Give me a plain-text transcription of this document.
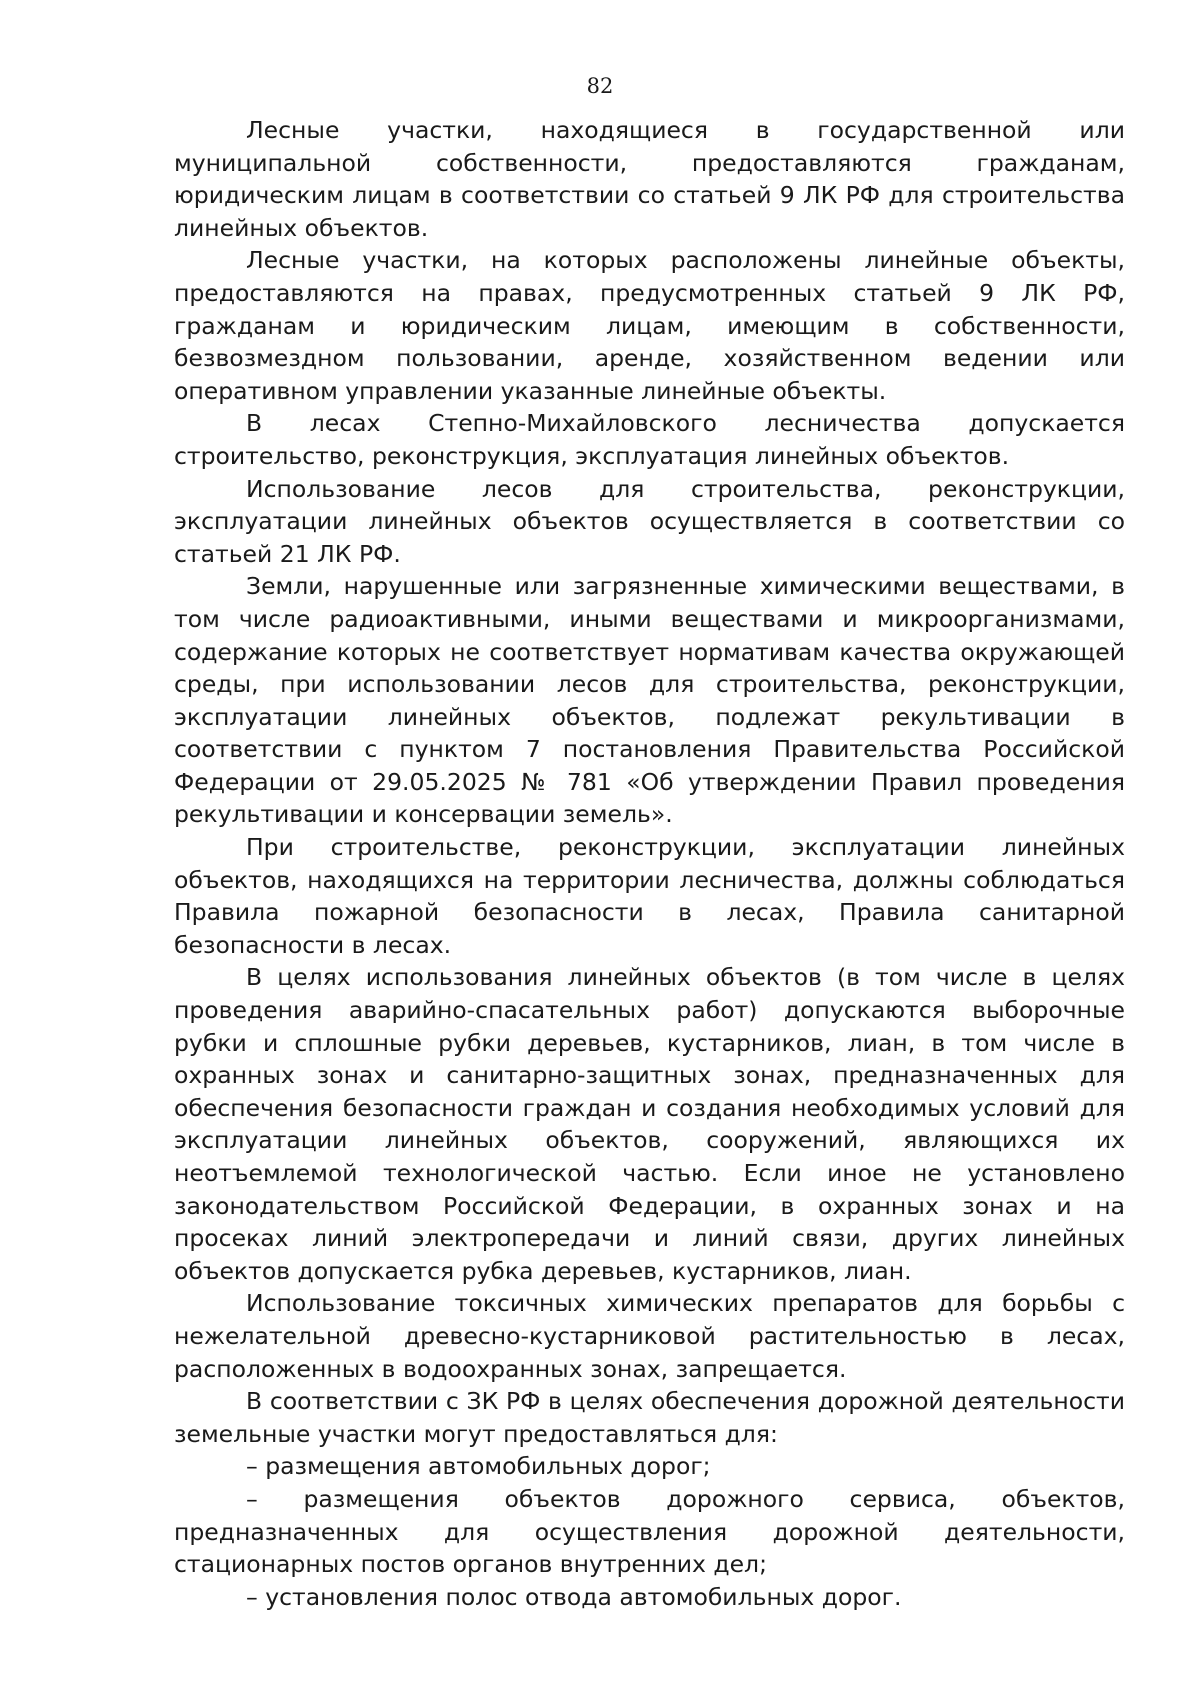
82

Лесные участки, находящиеся в государственной или муниципальной собственности, предоставляются гражданам, юридическим лицам в соответствии со статьей 9 ЛК РФ для строительства линейных объектов.

Лесные участки, на которых расположены линейные объекты, предоставляются на правах, предусмотренных статьей 9 ЛК РФ, гражданам и юридическим лицам, имеющим в собственности, безвозмездном пользовании, аренде, хозяйственном ведении или оперативном управлении указанные линейные объекты.

В лесах Степно-Михайловского лесничества допускается строительство, реконструкция, эксплуатация линейных объектов.

Использование лесов для строительства, реконструкции, эксплуатации линейных объектов осуществляется в соответствии со статьей 21 ЛК РФ.

Земли, нарушенные или загрязненные химическими веществами, в том числе радиоактивными, иными веществами и микроорганизмами, содержание которых не соответствует нормативам качества окружающей среды, при использовании лесов для строительства, реконструкции, эксплуатации линейных объектов, подлежат рекультивации в соответствии с пунктом 7 постановления Правительства Российской Федерации от 29.05.2025 № 781 «Об утверждении Правил проведения рекультивации и консервации земель».

При строительстве, реконструкции, эксплуатации линейных объектов, находящихся на территории лесничества, должны соблюдаться Правила пожарной безопасности в лесах, Правила санитарной безопасности в лесах.

В целях использования линейных объектов (в том числе в целях проведения аварийно-спасательных работ) допускаются выборочные рубки и сплошные рубки деревьев, кустарников, лиан, в том числе в охранных зонах и санитарно-защитных зонах, предназначенных для обеспечения безопасности граждан и создания необходимых условий для эксплуатации линейных объектов, сооружений, являющихся их неотъемлемой технологической частью. Если иное не установлено законодательством Российской Федерации, в охранных зонах и на просеках линий электропередачи и линий связи, других линейных объектов допускается рубка деревьев, кустарников, лиан.

Использование токсичных химических препаратов для борьбы с нежелательной древесно-кустарниковой растительностью в лесах, расположенных в водоохранных зонах, запрещается.

В соответствии с ЗК РФ в целях обеспечения дорожной деятельности земельные участки могут предоставляться для:

– размещения автомобильных дорог;

– размещения объектов дорожного сервиса, объектов, предназначенных для осуществления дорожной деятельности, стационарных постов органов внутренних дел;

– установления полос отвода автомобильных дорог.
